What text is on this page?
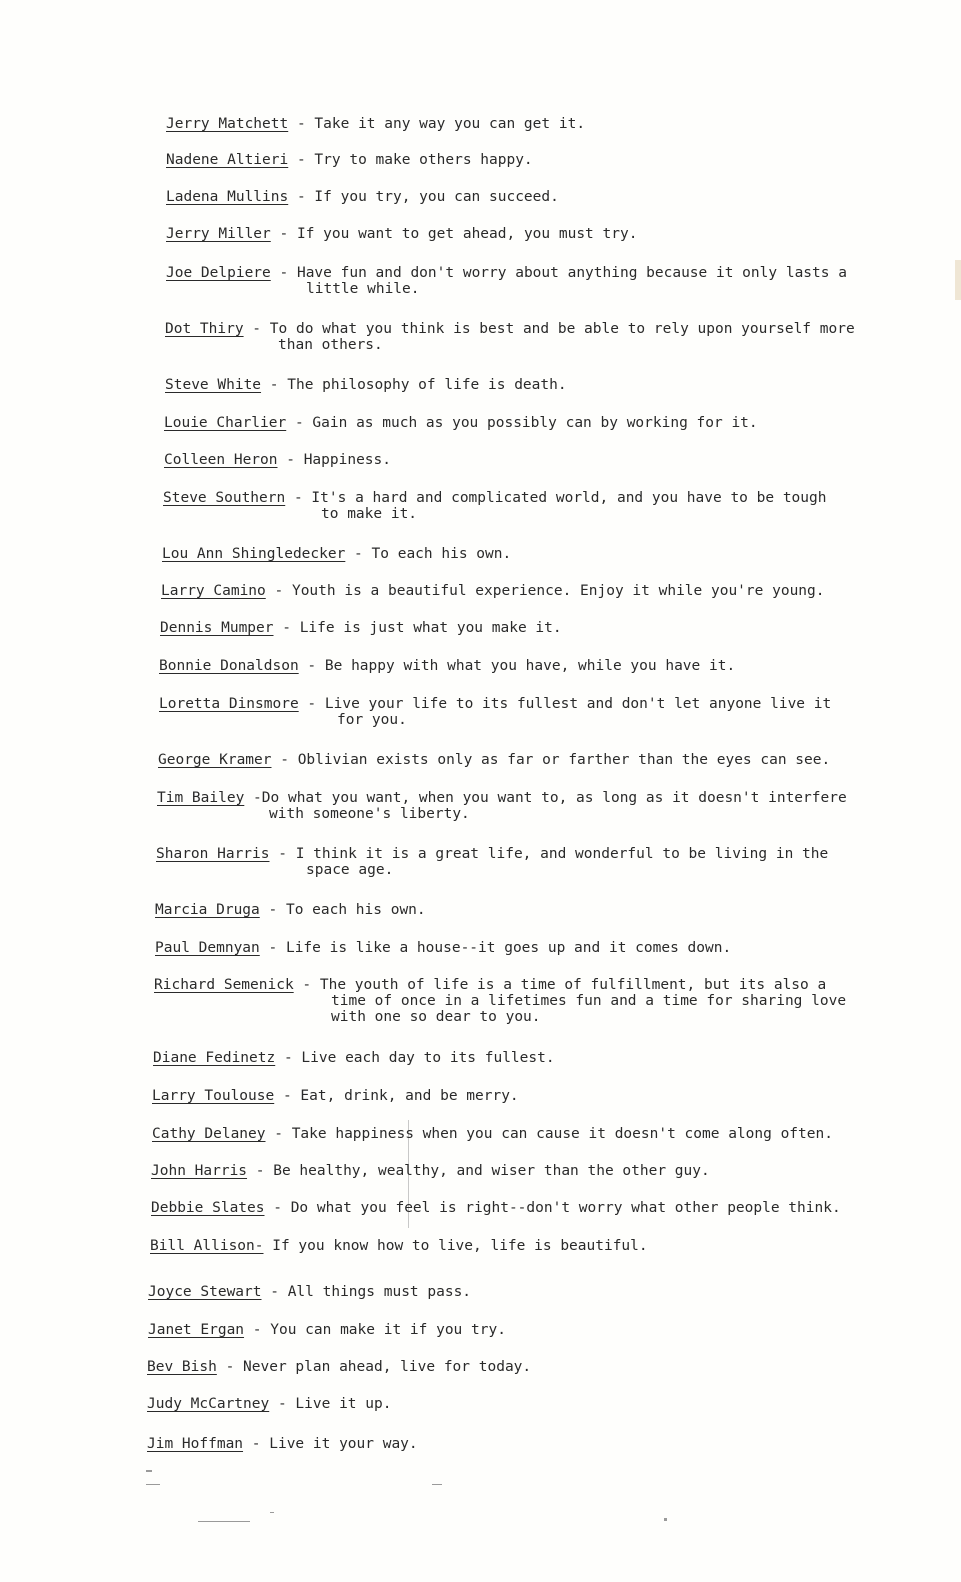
Jerry Matchett - Take it any way you can get it.
Nadene Altieri - Try to make others happy.
Ladena Mullins - If you try, you can succeed.
Jerry Miller - If you want to get ahead, you must try.
Joe Delpiere - Have fun and don't worry about anything because it only lasts a
little while.
Dot Thiry - To do what you think is best and be able to rely upon yourself more
than others.
Steve White - The philosophy of life is death.
Louie Charlier - Gain as much as you possibly can by working for it.
Colleen Heron - Happiness.
Steve Southern - It's a hard and complicated world, and you have to be tough
to make it.
Lou Ann Shingledecker - To each his own.
Larry Camino - Youth is a beautiful experience. Enjoy it while you're young.
Dennis Mumper - Life is just what you make it.
Bonnie Donaldson - Be happy with what you have, while you have it.
Loretta Dinsmore - Live your life to its fullest and don't let anyone live it
for you.
George Kramer - Oblivian exists only as far or farther than the eyes can see.
Tim Bailey -Do what you want, when you want to, as long as it doesn't interfere
with someone's liberty.
Sharon Harris - I think it is a great life, and wonderful to be living in the
space age.
Marcia Druga - To each his own.
Paul Demnyan - Life is like a house--it goes up and it comes down.
Richard Semenick - The youth of life is a time of fulfillment, but its also a
time of once in a lifetimes fun and a time for sharing love
with one so dear to you.
Diane Fedinetz - Live each day to its fullest.
Larry Toulouse - Eat, drink, and be merry.
Cathy Delaney - Take happiness when you can cause it doesn't come along often.
John Harris - Be healthy, wealthy, and wiser than the other guy.
Debbie Slates - Do what you feel is right--don't worry what other people think.
Bill Allison- If you know how to live, life is beautiful.
Joyce Stewart - All things must pass.
Janet Ergan - You can make it if you try.
Bev Bish - Never plan ahead, live for today.
Judy McCartney - Live it up.
Jim Hoffman - Live it your way.
